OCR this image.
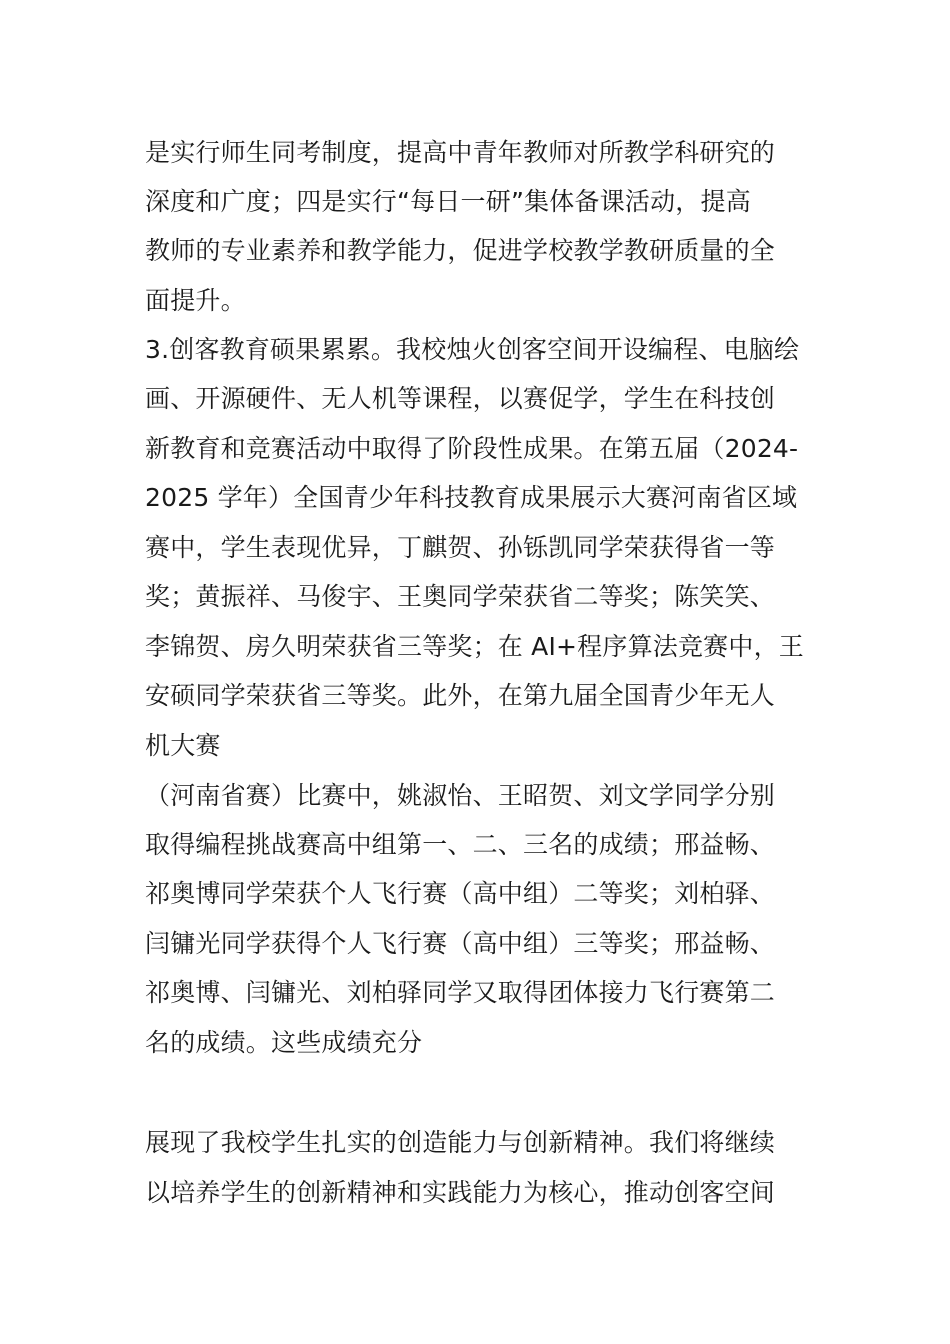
是实行师生同考制度，提高中青年教师对所教学科研究的
深度和广度；四是实行“每日一研”集体备课活动，提高
教师的专业素养和教学能力，促进学校教学教研质量的全
面提升。
3.创客教育硕果累累。我校烛火创客空间开设编程、电脑绘
画、开源硬件、无人机等课程，以赛促学，学生在科技创
新教育和竞赛活动中取得了阶段性成果。在第五届（2024-
2025 学年）全国青少年科技教育成果展示大赛河南省区域
赛中，学生表现优异，丁麒贺、孙铄凯同学荣获得省一等
奖；黄振祥、马俊宇、王奥同学荣获省二等奖；陈笑笑、
李锦贺、房久明荣获省三等奖；在 AI+程序算法竞赛中，王
安硕同学荣获省三等奖。此外，在第九届全国青少年无人
机大赛
（河南省赛）比赛中，姚淑怡、王昭贺、刘文学同学分别
取得编程挑战赛高中组第一、二、三名的成绩；邢益畅、
祁奥博同学荣获个人飞行赛（高中组）二等奖；刘柏驿、
闫镛光同学获得个人飞行赛（高中组）三等奖；邢益畅、
祁奥博、闫镛光、刘柏驿同学又取得团体接力飞行赛第二
名的成绩。这些成绩充分
展现了我校学生扎实的创造能力与创新精神。我们将继续
以培养学生的创新精神和实践能力为核心，推动创客空间
